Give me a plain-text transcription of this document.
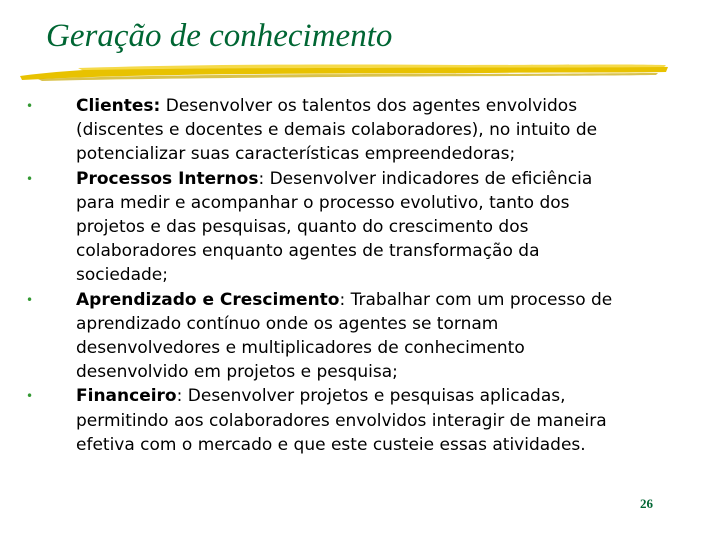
Geração de conhecimento
•	Clientes: Desenvolver os talentos dos agentes envolvidos (discentes e docentes e demais colaboradores), no intuito de potencializar suas características empreendedoras;
•	Processos Internos: Desenvolver indicadores de eficiência para medir e acompanhar o processo evolutivo, tanto dos projetos e das pesquisas, quanto do crescimento dos colaboradores enquanto agentes de transformação da sociedade;
•	Aprendizado e Crescimento: Trabalhar com um processo de aprendizado contínuo onde os agentes se tornam desenvolvedores e multiplicadores de conhecimento desenvolvido em projetos e pesquisa;
•	Financeiro: Desenvolver projetos e pesquisas aplicadas, permitindo aos colaboradores envolvidos interagir de maneira efetiva com o mercado e que este custeie essas atividades.
26
